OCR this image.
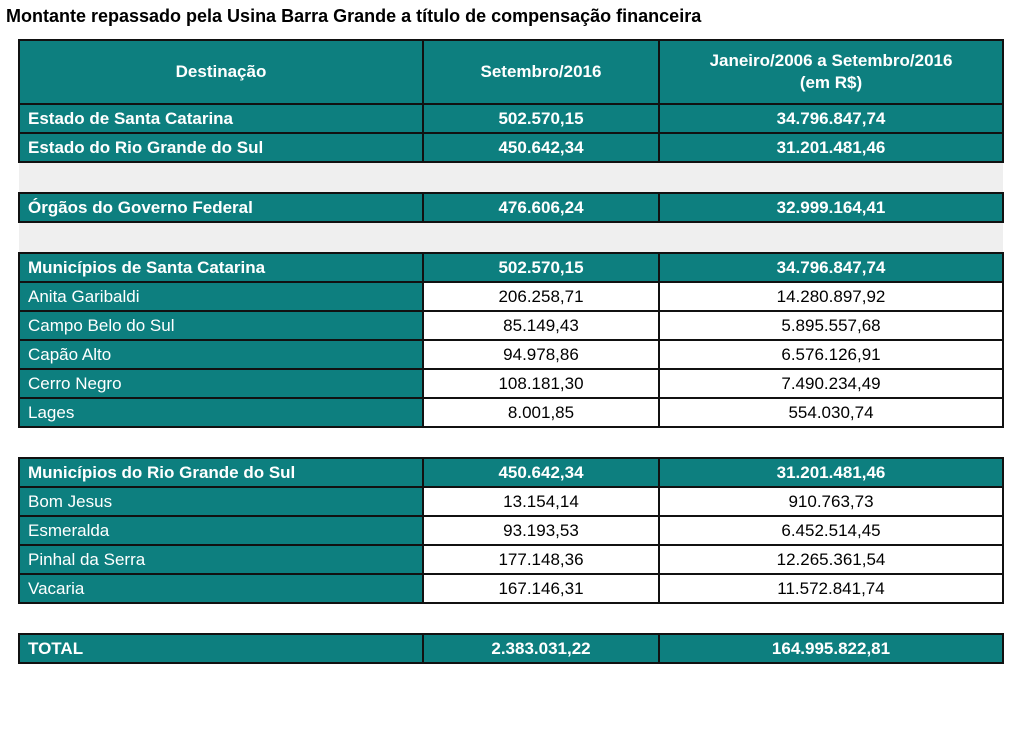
Montante repassado pela Usina Barra Grande a título de compensação financeira
Destinação	Setembro/2016	Janeiro/2006 a Setembro/2016
(em R$)
Estado de Santa Catarina	502.570,15	34.796.847,74
Estado do Rio Grande do Sul	450.642,34	31.201.481,46

Órgãos do Governo Federal	476.606,24	32.999.164,41

Municípios de Santa Catarina	502.570,15	34.796.847,74
Anita Garibaldi	206.258,71	14.280.897,92
Campo Belo do Sul	85.149,43	5.895.557,68
Capão Alto	94.978,86	6.576.126,91
Cerro Negro	108.181,30	7.490.234,49
Lages	8.001,85	554.030,74

Municípios do Rio Grande do Sul	450.642,34	31.201.481,46
Bom Jesus	13.154,14	910.763,73
Esmeralda	93.193,53	6.452.514,45
Pinhal da Serra	177.148,36	12.265.361,54
Vacaria	167.146,31	11.572.841,74

TOTAL	2.383.031,22	164.995.822,81
